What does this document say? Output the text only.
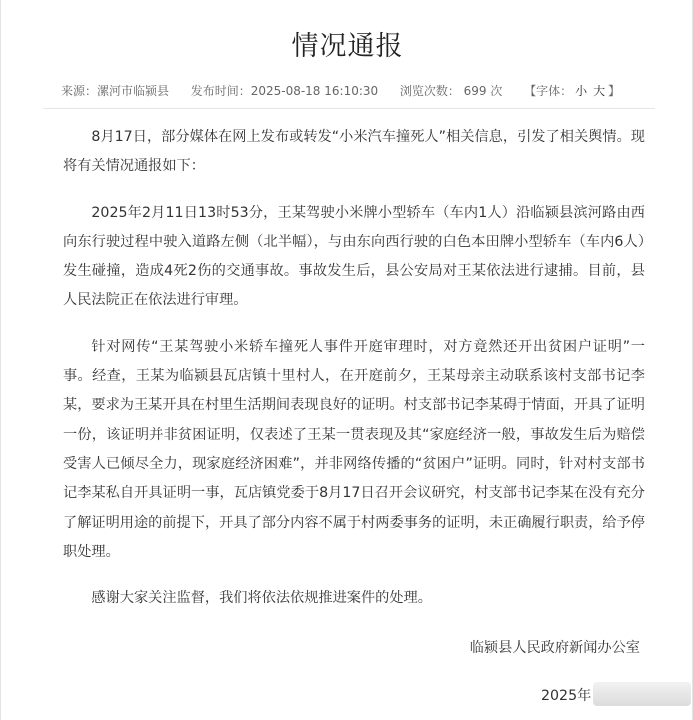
情况通报
来源：漯河市临颍县 发布时间：2025-08-18 16:10:30 浏览次数： 699 次 【字体： 小 大 】

8月17日，部分媒体在网上发布或转发“小米汽车撞死人”相关信息，引发了相关舆情。现将有关情况通报如下：

2025年2月11日13时53分，王某驾驶小米牌小型轿车（车内1人）沿临颍县滨河路由西向东行驶过程中驶入道路左侧（北半幅），与由东向西行驶的白色本田牌小型轿车（车内6人）发生碰撞，造成4死2伤的交通事故。事故发生后，县公安局对王某依法进行逮捕。目前，县人民法院正在依法进行审理。

针对网传“王某驾驶小米轿车撞死人事件开庭审理时，对方竟然还开出贫困户证明”一事。经查，王某为临颍县瓦店镇十里村人，在开庭前夕，王某母亲主动联系该村支部书记李某，要求为王某开具在村里生活期间表现良好的证明。村支部书记李某碍于情面，开具了证明一份，该证明并非贫困证明，仅表述了王某一贯表现及其“家庭经济一般，事故发生后为赔偿受害人已倾尽全力，现家庭经济困难”，并非网络传播的“贫困户”证明。同时，针对村支部书记李某私自开具证明一事，瓦店镇党委于8月17日召开会议研究，村支部书记李某在没有充分了解证明用途的前提下，开具了部分内容不属于村两委事务的证明，未正确履行职责，给予停职处理。

感谢大家关注监督，我们将依法依规推进案件的处理。

临颍县人民政府新闻办公室
2025年
